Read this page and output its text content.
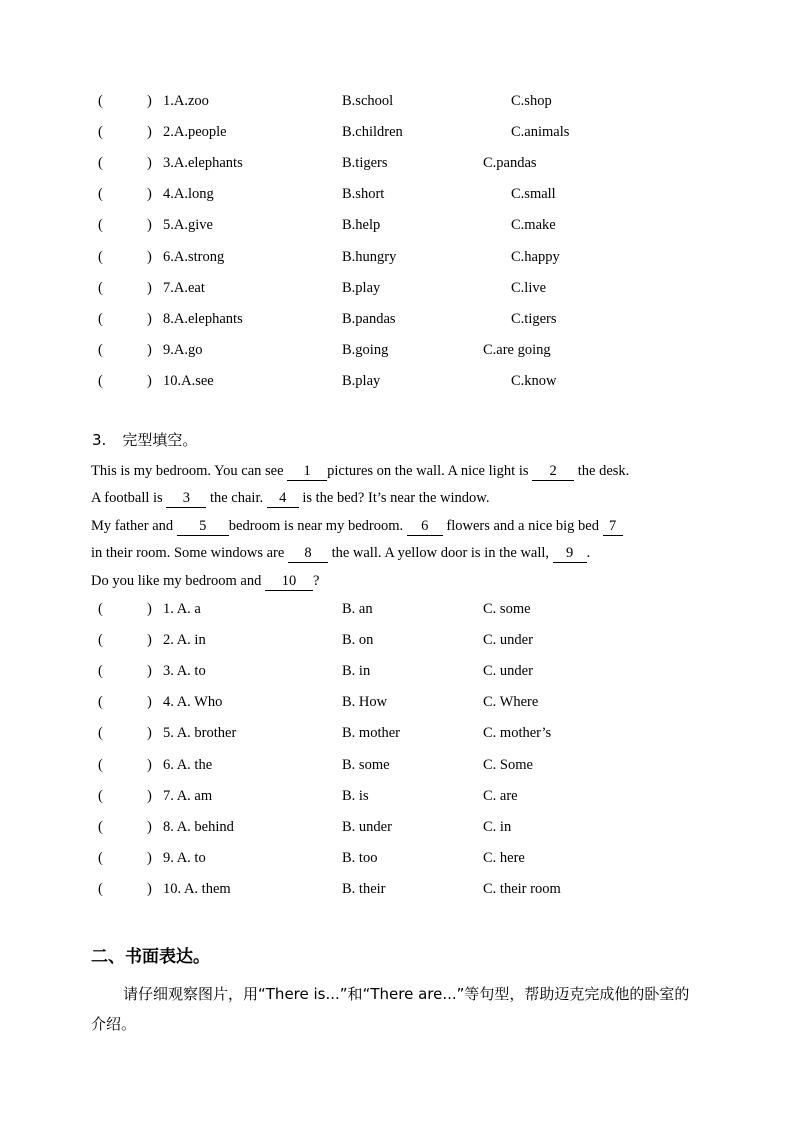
(	) 1.A.zoo	B.school	C.shop
(	) 2.A.people	B.children	C.animals
(	) 3.A.elephants	B.tigers	C.pandas
(	) 4.A.long	B.short	C.small
(	) 5.A.give	B.help	C.make
(	) 6.A.strong	B.hungry	C.happy
(	) 7.A.eat	B.play	C.live
(	) 8.A.elephants	B.pandas	C.tigers
(	) 9.A.go	B.going	C.are going
(	) 10.A.see	B.play	C.know
3. 完型填空。
This is my bedroom. You can see 1 pictures on the wall. A nice light is 2 the desk.
A football is 3 the chair. 4 is the bed? It’s near the window.
My father and 5 bedroom is near my bedroom. 6 flowers and a nice big bed 7
in their room. Some windows are 8 the wall. A yellow door is in the wall, 9 .
Do you like my bedroom and 10 ?
(	) 1. A. a	B. an	C. some
(	) 2. A. in	B. on	C. under
(	) 3. A. to	B. in	C. under
(	) 4. A. Who	B. How	C. Where
(	) 5. A. brother	B. mother	C. mother’s
(	) 6. A. the	B. some	C. Some
(	) 7. A. am	B. is	C. are
(	) 8. A. behind	B. under	C. in
(	) 9. A. to	B. too	C. here
(	) 10. A. them	B. their	C. their room
二、书面表达。
请仔细观察图片，用“There is...”和“There are...”等句型，帮助迈克完成他的卧室的介绍。
